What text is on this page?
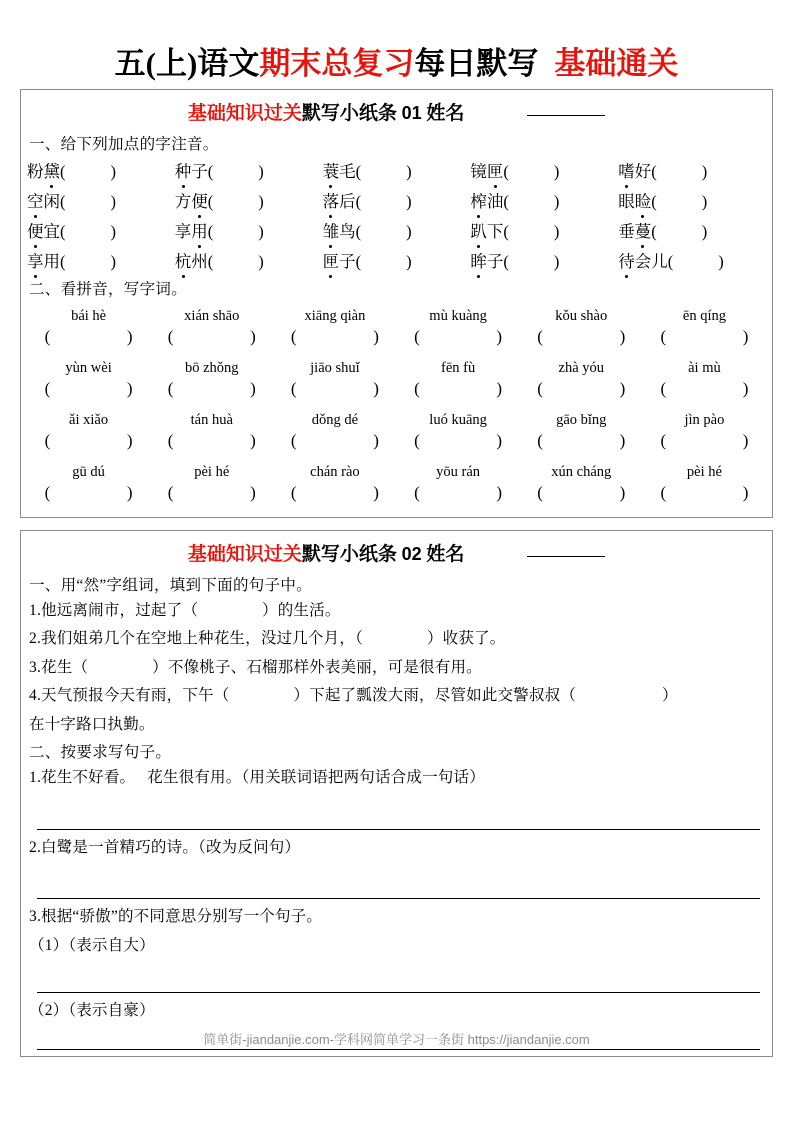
五(上)语文期末总复习每日默写 基础通关
基础知识过关默写小纸条 01 姓名
一、给下列加点的字注音。
粉黛( )	种子( )	蓑毛( )	镜匣( )	嗜好( )

空闲( )	方便( )	落后( )	榨油( )	眼睑( )

便宜( )	享用( )	雏鸟( )	趴下( )	垂蔓( )

享用( )	杭州( )	匣子( )	眸子( )	待会儿( )
二、看拼音，写字词。
bái hè	xián shāo	xiāng qiàn	mù kuàng	kǒu shào	ēn qíng
(	) (	) (	) (	) (	) (	)
yùn wèi	bō zhǒng	jiāo shuǐ	fēn fù	zhà yóu	ài mù
(	) (	) (	) (	) (	) (	)
ǎi xiǎo	tán huà	dǒng dé	luó kuāng	gāo bǐng	jìn pào
(	) (	) (	) (	) (	) (	)
gū dú	pèi hé	chán rào	yōu rán	xún cháng	pèi hé
(	) (	) (	) (	) (	) (	)
基础知识过关默写小纸条 02 姓名
一、用“然”字组词，填到下面的句子中。
1.他远离闹市，过起了（	）的生活。
2.我们姐弟几个在空地上种花生，没过几个月，（	）收获了。
3.花生（	）不像桃子、石榴那样外表美丽，可是很有用。
4.天气预报今天有雨，下午（	）下起了瓢泼大雨，尽管如此交警叔叔（	）
在十字路口执勤。
二、按要求写句子。
1.花生不好看。　 花生很有用。（用关联词语把两句话合成一句话）
2.白鹭是一首精巧的诗。（改为反问句）
3.根据“骄傲”的不同意思分别写一个句子。
（1）（表示自大）
（2）（表示自豪）
简单街-jiandanjie.com-学科网简单学习一条街 https://jiandanjie.com
